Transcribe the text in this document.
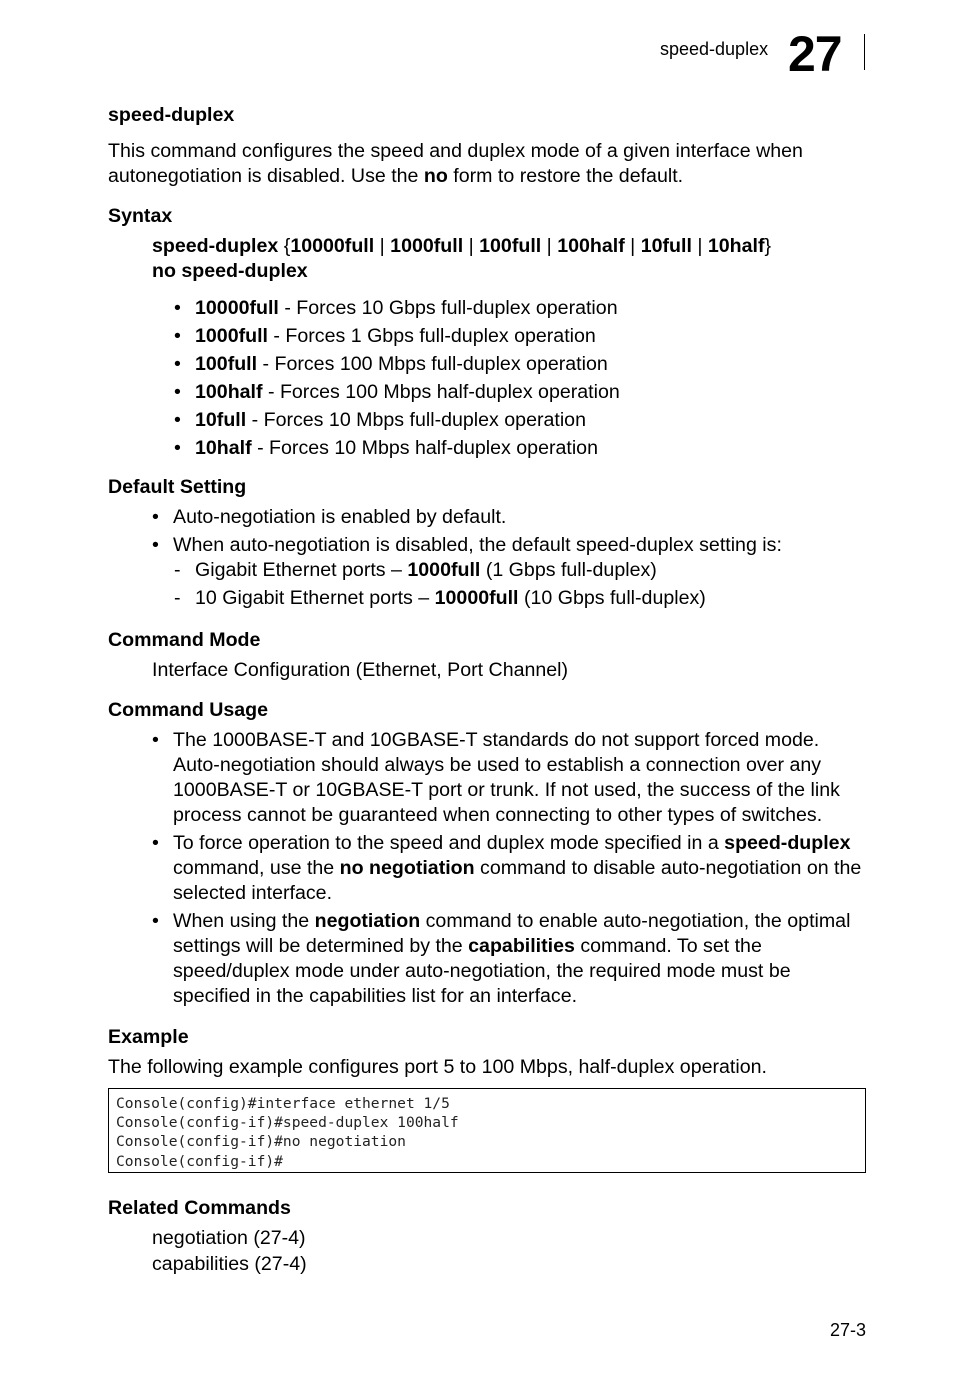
speed-duplex 27
speed-duplex

This command configures the speed and duplex mode of a given interface when autonegotiation is disabled. Use the no form to restore the default.

Syntax
speed-duplex {10000full | 1000full | 100full | 100half | 10full | 10half}
no speed-duplex
• 10000full - Forces 10 Gbps full-duplex operation
• 1000full - Forces 1 Gbps full-duplex operation
• 100full - Forces 100 Mbps full-duplex operation
• 100half - Forces 100 Mbps half-duplex operation
• 10full - Forces 10 Mbps full-duplex operation
• 10half - Forces 10 Mbps half-duplex operation
Default Setting
• Auto-negotiation is enabled by default.
• When auto-negotiation is disabled, the default speed-duplex setting is:
- Gigabit Ethernet ports – 1000full (1 Gbps full-duplex)
- 10 Gigabit Ethernet ports – 10000full (10 Gbps full-duplex)
Command Mode
Interface Configuration (Ethernet, Port Channel)
Command Usage
• The 1000BASE-T and 10GBASE-T standards do not support forced mode. Auto-negotiation should always be used to establish a connection over any 1000BASE-T or 10GBASE-T port or trunk. If not used, the success of the link process cannot be guaranteed when connecting to other types of switches.
• To force operation to the speed and duplex mode specified in a speed-duplex command, use the no negotiation command to disable auto-negotiation on the selected interface.
• When using the negotiation command to enable auto-negotiation, the optimal settings will be determined by the capabilities command. To set the speed/duplex mode under auto-negotiation, the required mode must be specified in the capabilities list for an interface.
Example
The following example configures port 5 to 100 Mbps, half-duplex operation.
Console(config)#interface ethernet 1/5
Console(config-if)#speed-duplex 100half
Console(config-if)#no negotiation
Console(config-if)#
Related Commands
negotiation (27-4)
capabilities (27-4)
27-3
